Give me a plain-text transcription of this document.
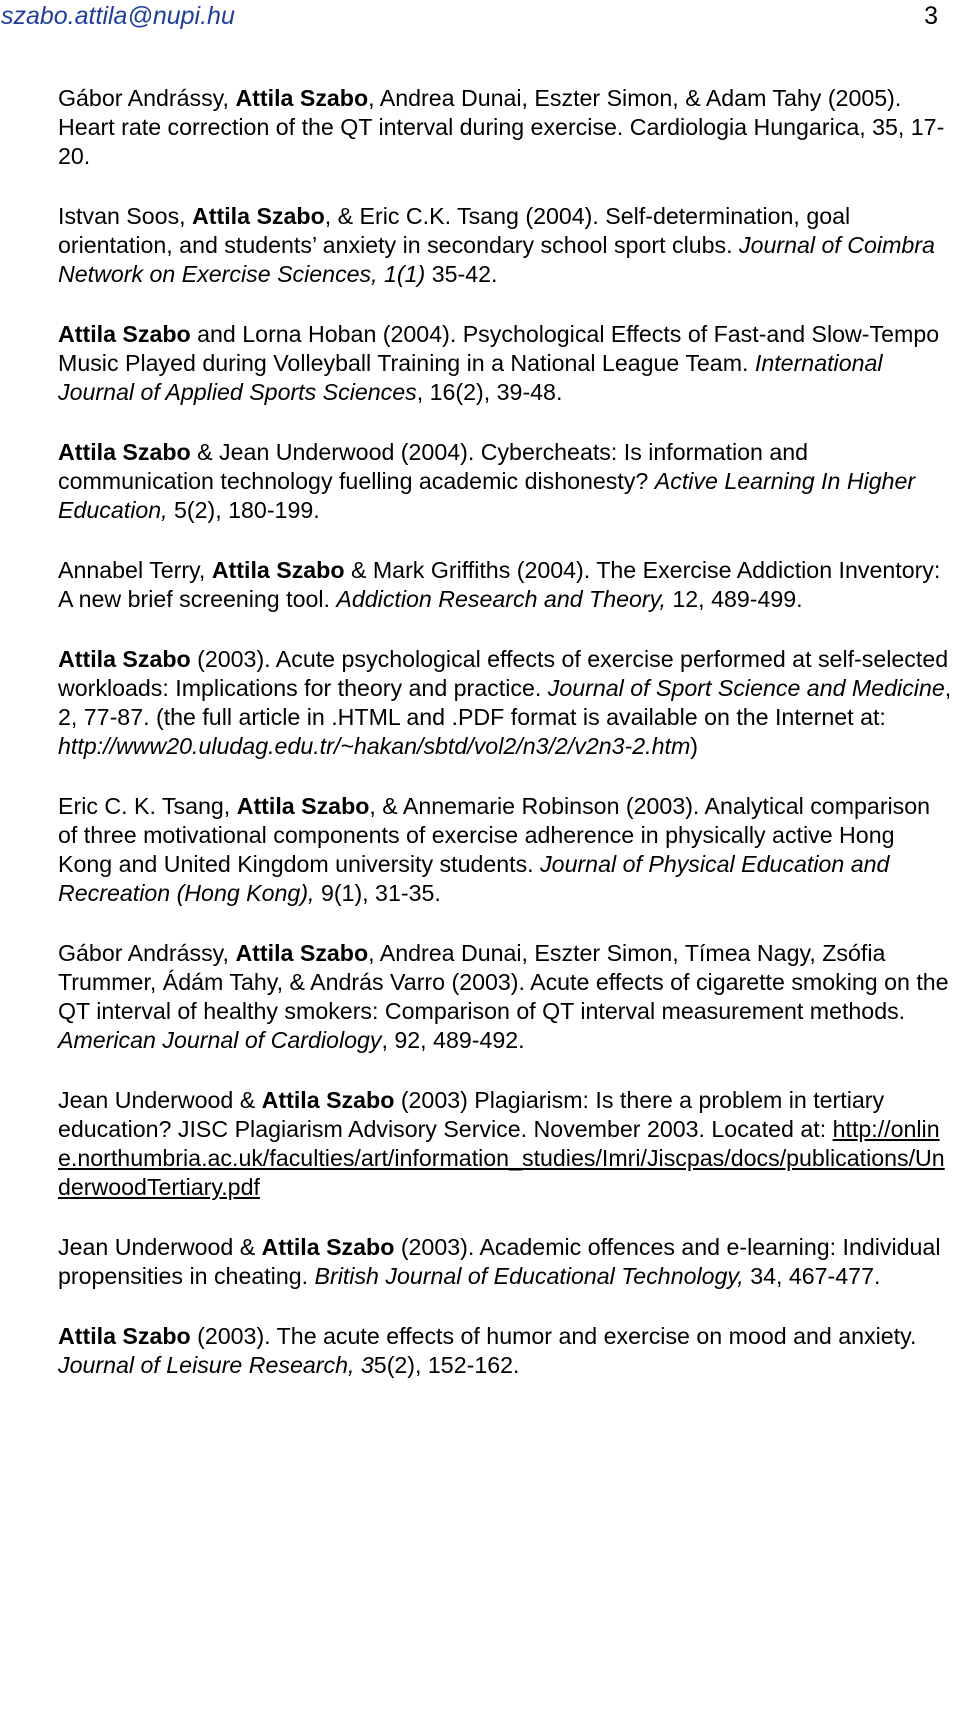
szabo.attila@nupi.hu	3

Gábor Andrássy, Attila Szabo, Andrea Dunai, Eszter Simon, & Adam Tahy (2005). Heart rate correction of the QT interval during exercise. Cardiologia Hungarica, 35, 17-20.

Istvan Soos, Attila Szabo, & Eric C.K. Tsang (2004). Self-determination, goal orientation, and students’ anxiety in secondary school sport clubs. Journal of Coimbra Network on Exercise Sciences, 1(1) 35-42.

Attila Szabo and Lorna Hoban (2004). Psychological Effects of Fast-and Slow-Tempo Music Played during Volleyball Training in a National League Team. International Journal of Applied Sports Sciences, 16(2), 39-48.

Attila Szabo & Jean Underwood (2004). Cybercheats: Is information and communication technology fuelling academic dishonesty? Active Learning In Higher Education, 5(2), 180-199.

Annabel Terry, Attila Szabo & Mark Griffiths (2004). The Exercise Addiction Inventory: A new brief screening tool. Addiction Research and Theory, 12, 489-499.

Attila Szabo (2003). Acute psychological effects of exercise performed at self-selected workloads: Implications for theory and practice. Journal of Sport Science and Medicine, 2, 77-87. (the full article in .HTML and .PDF format is available on the Internet at: http://www20.uludag.edu.tr/~hakan/sbtd/vol2/n3/2/v2n3-2.htm)

Eric C. K. Tsang, Attila Szabo, & Annemarie Robinson (2003). Analytical comparison of three motivational components of exercise adherence in physically active Hong Kong and United Kingdom university students. Journal of Physical Education and Recreation (Hong Kong), 9(1), 31-35.

Gábor Andrássy, Attila Szabo, Andrea Dunai, Eszter Simon, Tímea Nagy, Zsófia Trummer, Ádám Tahy, & András Varro (2003). Acute effects of cigarette smoking on the QT interval of healthy smokers: Comparison of QT interval measurement methods. American Journal of Cardiology, 92, 489-492.

Jean Underwood & Attila Szabo (2003) Plagiarism: Is there a problem in tertiary education? JISC Plagiarism Advisory Service. November 2003. Located at: http://online.northumbria.ac.uk/faculties/art/information_studies/Imri/Jiscpas/docs/publications/UnderwoodTertiary.pdf

Jean Underwood & Attila Szabo (2003). Academic offences and e-learning: Individual propensities in cheating. British Journal of Educational Technology, 34, 467-477.

Attila Szabo (2003). The acute effects of humor and exercise on mood and anxiety. Journal of Leisure Research, 35(2), 152-162.
